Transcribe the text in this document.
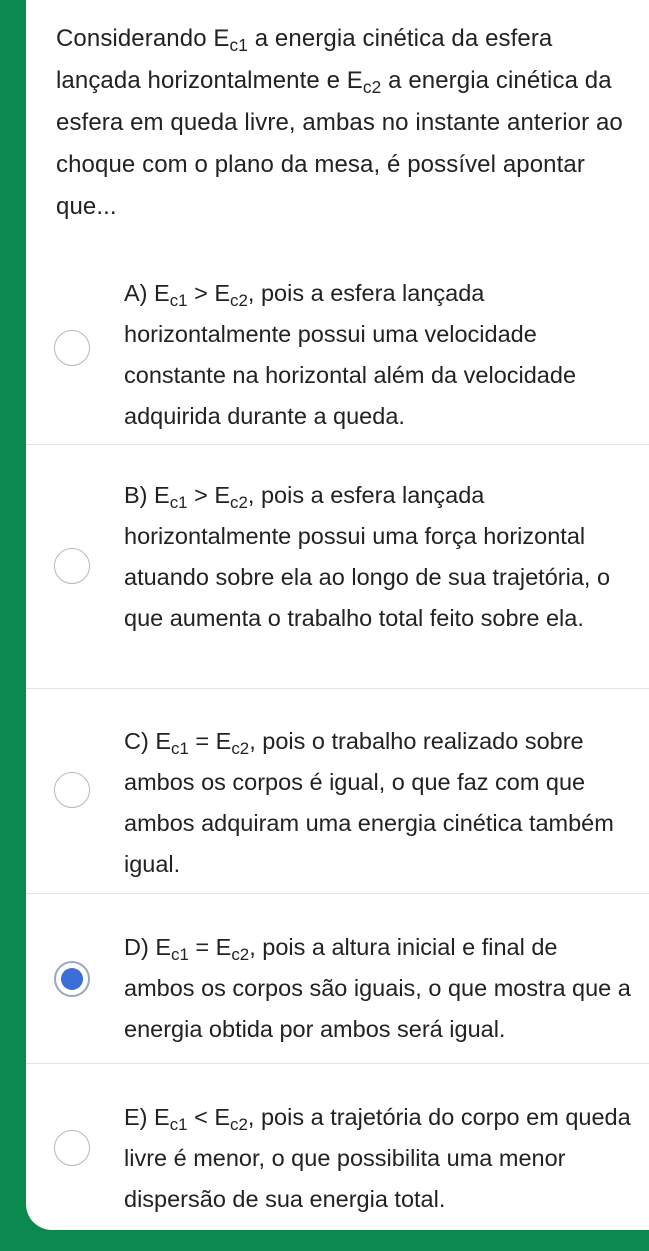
Considerando $E_{c1}$ a energia cinética da esfera lançada horizontalmente e $E_{c2}$ a energia cinética da esfera em queda livre, ambas no instante anterior ao choque com o plano da mesa, é possível apontar que...
A) $E_{c1} > E_{c2}$, pois a esfera lançada horizontalmente possui uma velocidade constante na horizontal além da velocidade adquirida durante a queda.
B) $E_{c1} > E_{c2}$, pois a esfera lançada horizontalmente possui uma força horizontal atuando sobre ela ao longo de sua trajetória, o que aumenta o trabalho total feito sobre ela.
C) $E_{c1} = E_{c2}$, pois o trabalho realizado sobre ambos os corpos é igual, o que faz com que ambos adquiram uma energia cinética também igual.
D) $E_{c1} = E_{c2}$, pois a altura inicial e final de ambos os corpos são iguais, o que mostra que a energia obtida por ambos será igual.
E) $E_{c1} < E_{c2}$, pois a trajetória do corpo em queda livre é menor, o que possibilita uma menor dispersão de sua energia total.
